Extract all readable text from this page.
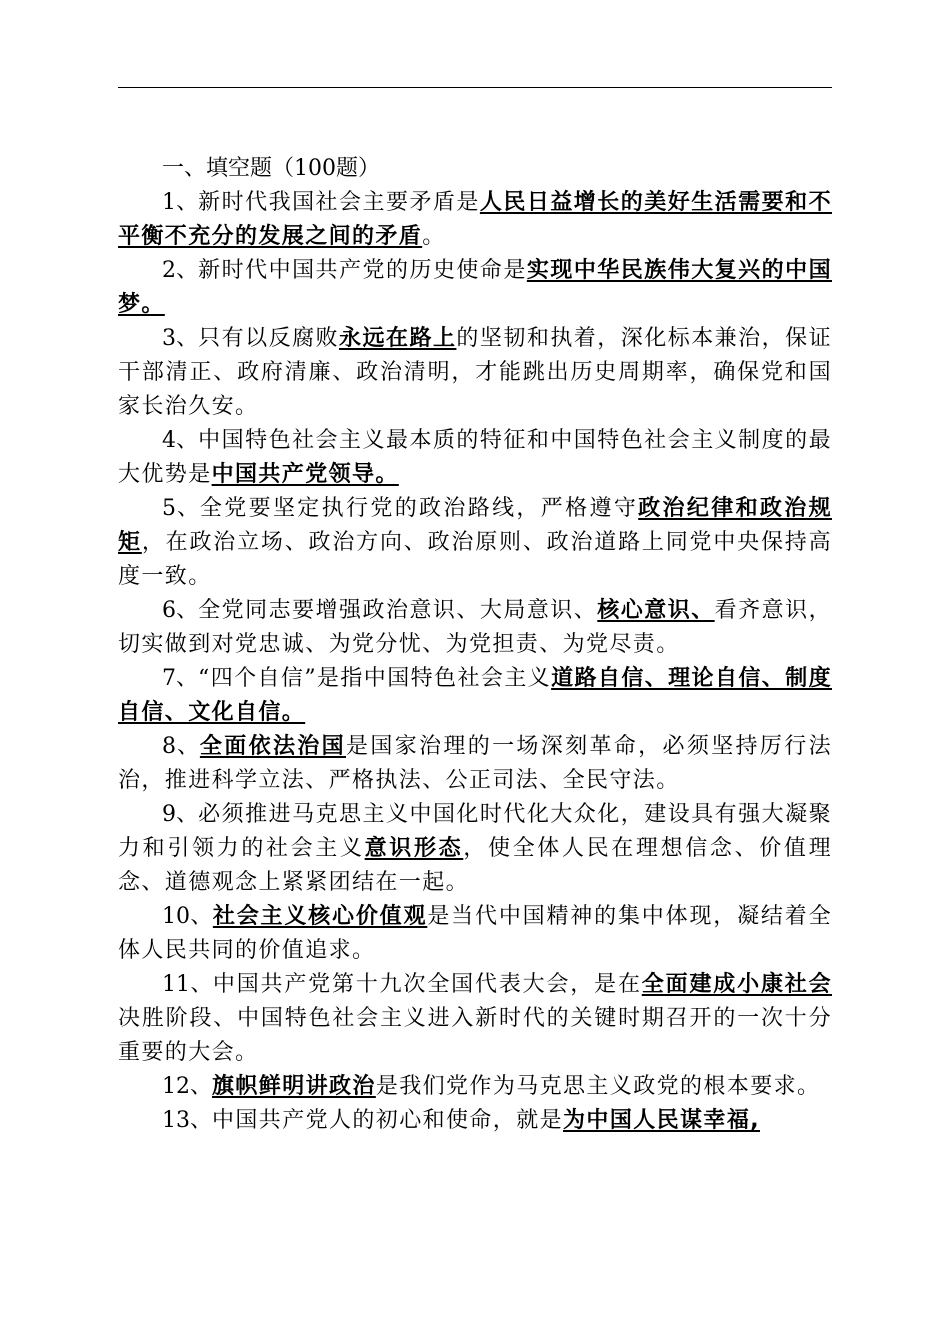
一、填空题（100题）

1、新时代我国社会主要矛盾是人民日益增长的美好生活需要和不平衡不充分的发展之间的矛盾。

2、新时代中国共产党的历史使命是实现中华民族伟大复兴的中国梦。

3、只有以反腐败永远在路上的坚韧和执着，深化标本兼治，保证干部清正、政府清廉、政治清明，才能跳出历史周期率，确保党和国家长治久安。

4、中国特色社会主义最本质的特征和中国特色社会主义制度的最大优势是中国共产党领导。

5、全党要坚定执行党的政治路线，严格遵守政治纪律和政治规矩，在政治立场、政治方向、政治原则、政治道路上同党中央保持高度一致。

6、全党同志要增强政治意识、大局意识、核心意识、看齐意识，切实做到对党忠诚、为党分忧、为党担责、为党尽责。

7、“四个自信”是指中国特色社会主义道路自信、理论自信、制度自信、文化自信。

8、全面依法治国是国家治理的一场深刻革命，必须坚持厉行法治，推进科学立法、严格执法、公正司法、全民守法。

9、必须推进马克思主义中国化时代化大众化，建设具有强大凝聚力和引领力的社会主义意识形态，使全体人民在理想信念、价值理念、道德观念上紧紧团结在一起。

10、社会主义核心价值观是当代中国精神的集中体现，凝结着全体人民共同的价值追求。

11、中国共产党第十九次全国代表大会，是在全面建成小康社会决胜阶段、中国特色社会主义进入新时代的关键时期召开的一次十分重要的大会。

12、旗帜鲜明讲政治是我们党作为马克思主义政党的根本要求。

13、中国共产党人的初心和使命，就是为中国人民谋幸福,
